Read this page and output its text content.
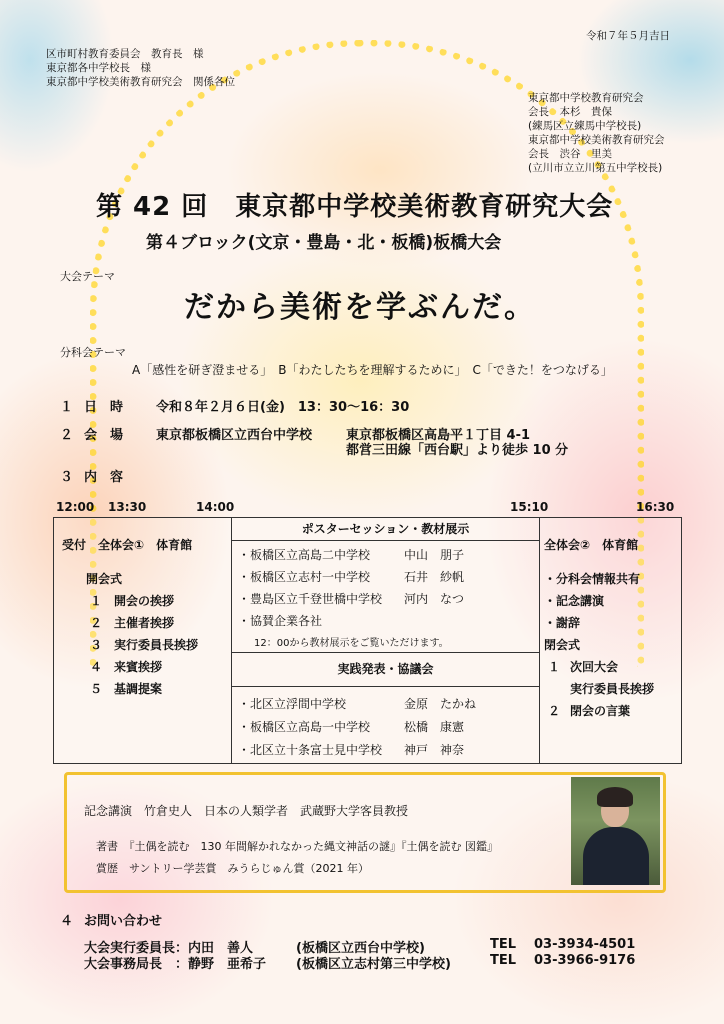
令和７年５月吉日
区市町村教育委員会　教育長　様
東京都各中学校長　様
東京都中学校美術教育研究会　関係各位
東京都中学校教育研究会
会長　本杉　貴保
(練馬区立練馬中学校長)
東京都中学校美術教育研究会
会長　渋谷　里美
(立川市立立川第五中学校長)
第 42 回　東京都中学校美術教育研究大会
第４ブロック(文京・豊島・北・板橋)板橋大会
大会テーマ
だから美術を学ぶんだ。
分科会テーマ
A「感性を研ぎ澄ませる」　B「わたしたちを理解するために」　C「できた！をつなげる」
１ 日　時	令和８年２月６日(金)　13：30〜16：30
２ 会　場	東京都板橋区立西台中学校	東京都板橋区高島平１丁目 4-1
都営三田線「西台駅」より徒歩 10 分
３ 内　容
12:00 13:30	14:00	15:10	16:30
受付　全体会①　体育館
開会式
１ 開会の挨拶
２ 主催者挨拶
３ 実行委員長挨拶
４ 来賓挨拶
５ 基調提案
ポスターセッション・教材展示
・板橋区立高島二中学校	中山　朋子
・板橋区立志村一中学校	石井　紗帆
・豊島区立千登世橋中学校 河内　なつ
・協賛企業各社
12：00から教材展示をご覧いただけます。
実践発表・協議会
・北区立浮間中学校	金原　たかね
・板橋区立高島一中学校	松橋　康憲
・北区立十条富士見中学校 神戸　神奈
全体会②　体育館
・分科会情報共有
・記念講演
・謝辞
閉会式
１ 次回大会
実行委員長挨拶
２ 閉会の言葉
記念講演　竹倉史人　日本の人類学者　武蔵野大学客員教授
著書　『土偶を読む　130 年間解かれなかった縄文神話の謎』『土偶を読む 図鑑』
賞歴　サントリー学芸賞　みうらじゅん賞（2021 年）
４ お問い合わせ
大会実行委員長：内田　善人	(板橋区立西台中学校)	TEL 03-3934-4501
大会事務局長　：静野　亜希子 (板橋区立志村第三中学校)	TEL 03-3966-9176
